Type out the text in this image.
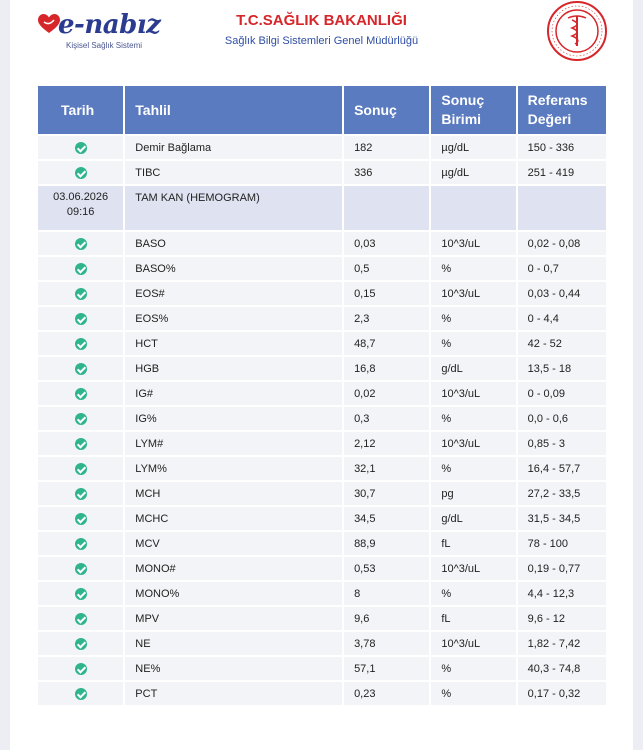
e-nabız
Kişisel Sağlık Sistemi
T.C.SAĞLIK BAKANLIĞI
Sağlık Bilgi Sistemleri Genel Müdürlüğü
Tarih	Tahlil	Sonuç	Sonuç Birimi	Referans Değeri
	Demir Bağlama	182	µg/dL	150 - 336
	TIBC	336	µg/dL	251 - 419

03.06.2026
09:16	TAM KAN (HEMOGRAM)			
	BASO	0,03	10^3/uL	0,02 - 0,08
	BASO%	0,5	%	0 - 0,7
	EOS#	0,15	10^3/uL	0,03 - 0,44
	EOS%	2,3	%	0 - 4,4
	HCT	48,7	%	42 - 52
	HGB	16,8	g/dL	13,5 - 18
	IG#	0,02	10^3/uL	0 - 0,09
	IG%	0,3	%	0,0 - 0,6
	LYM#	2,12	10^3/uL	0,85 - 3
	LYM%	32,1	%	16,4 - 57,7
	MCH	30,7	pg	27,2 - 33,5
	MCHC	34,5	g/dL	31,5 - 34,5
	MCV	88,9	fL	78 - 100
	MONO#	0,53	10^3/uL	0,19 - 0,77
	MONO%	8	%	4,4 - 12,3
	MPV	9,6	fL	9,6 - 12
	NE	3,78	10^3/uL	1,82 - 7,42
	NE%	57,1	%	40,3 - 74,8
	PCT	0,23	%	0,17 - 0,32
